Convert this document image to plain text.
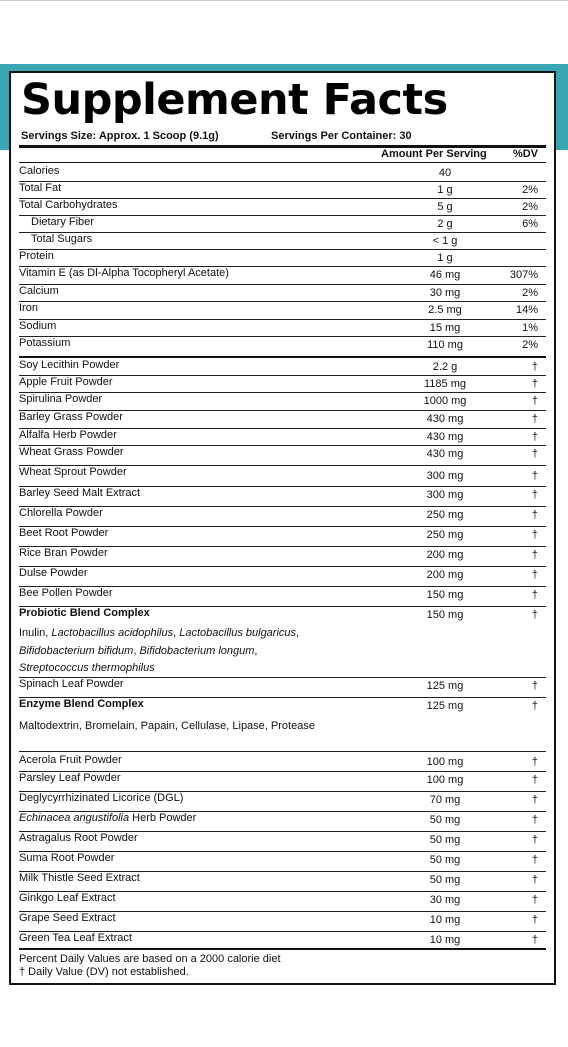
Supplement Facts
Servings Size: Approx. 1 Scoop (9.1g)	Servings Per Container: 30
Amount Per Serving %DV
Calories	40
Total Fat	1 g	2%
Total Carbohydrates	5 g	2%
Dietary Fiber	2 g	6%
Total Sugars	< 1 g
Protein	1 g
Vitamin E (as Dl-Alpha Tocopheryl Acetate)	46 mg	307%
Calcium	30 mg	2%
Iron	2.5 mg	14%
Sodium	15 mg	1%
Potassium	110 mg	2%
Soy Lecithin Powder	2.2 g	†
Apple Fruit Powder	1185 mg	†
Spirulina Powder	1000 mg	†
Barley Grass Powder	430 mg	†
Alfalfa Herb Powder	430 mg	†
Wheat Grass Powder	430 mg	†
Wheat Sprout Powder	300 mg	†
Barley Seed Malt Extract	300 mg	†
Chlorella Powder	250 mg	†
Beet Root Powder	250 mg	†
Rice Bran Powder	200 mg	†
Dulse Powder	200 mg	†
Bee Pollen Powder	150 mg	†
Probiotic Blend Complex	150 mg	†
Inulin, Lactobacillus acidophilus, Lactobacillus bulgaricus,
Bifidobacterium bifidum, Bifidobacterium longum,
Streptococcus thermophilus
Spinach Leaf Powder	125 mg	†
Enzyme Blend Complex	125 mg	†
Maltodextrin, Bromelain, Papain, Cellulase, Lipase, Protease
Acerola Fruit Powder	100 mg	†
Parsley Leaf Powder	100 mg	†
Deglycyrrhizinated Licorice (DGL)	70 mg	†
Echinacea angustifolia Herb Powder	50 mg	†
Astragalus Root Powder	50 mg	†
Suma Root Powder	50 mg	†
Milk Thistle Seed Extract	50 mg	†
Ginkgo Leaf Extract	30 mg	†
Grape Seed Extract	10 mg	†
Green Tea Leaf Extract	10 mg	†
Percent Daily Values are based on a 2000 calorie diet
† Daily Value (DV) not established.
